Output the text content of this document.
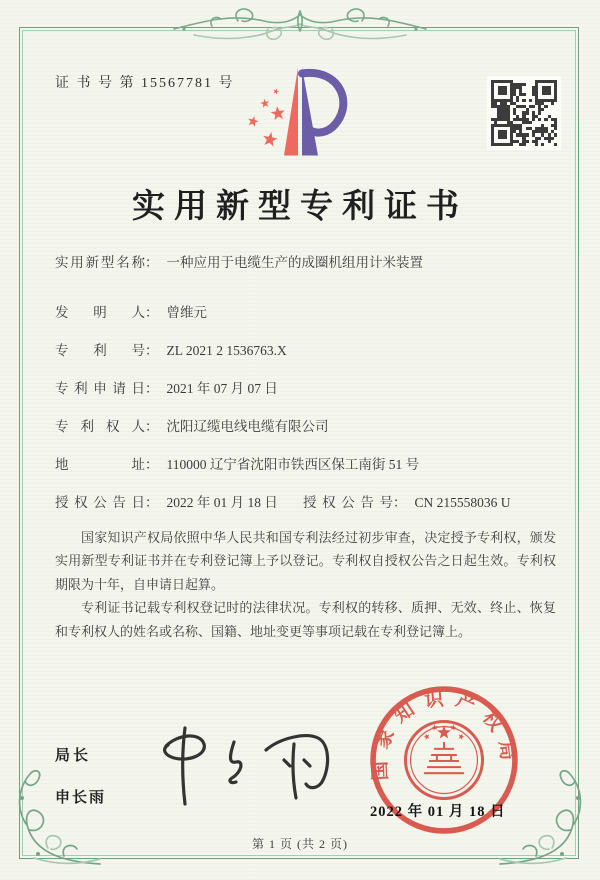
证 书 号 第 15567781 号
实用新型专利证书
实用新型名称： 一种应用于电缆生产的成圈机组用计米装置
发明人： 曾维元
专利号： ZL 2021 2 1536763.X
专利申请日： 2021 年 07 月 07 日
专利权人： 沈阳辽缆电线电缆有限公司
地址： 110000 辽宁省沈阳市铁西区保工南街 51 号
授权公告日： 2022 年 01 月 18 日 授权公告号： CN 215558036 U

国家知识产权局依照中华人民共和国专利法经过初步审查，决定授予专利权，颁发实用新型专利证书并在专利登记簿上予以登记。专利权自授权公告之日起生效。专利权期限为十年，自申请日起算。

专利证书记载专利权登记时的法律状况。专利权的转移、质押、无效、终止、恢复和专利权人的姓名或名称、国籍、地址变更等事项记载在专利登记簿上。

局长
申长雨
国家知识产权局
2022 年 01 月 18 日
第 1 页 (共 2 页)
